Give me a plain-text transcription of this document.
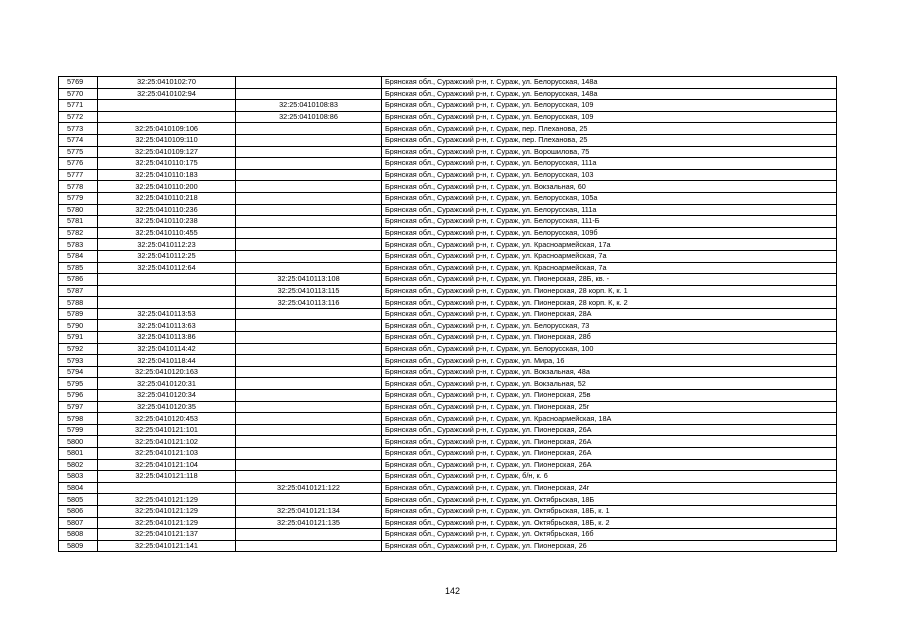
5769	32:25:0410102:70		Брянская обл., Суражский р-н, г. Сураж, ул. Белорусская, 148а
5770	32:25:0410102:94		Брянская обл., Суражский р-н, г. Сураж, ул. Белорусская, 148а
5771		32:25:0410108:83	Брянская обл., Суражский р-н, г. Сураж, ул. Белорусская, 109
5772		32:25:0410108:86	Брянская обл., Суражский р-н, г. Сураж, ул. Белорусская, 109
5773	32:25:0410109:106		Брянская обл., Суражский р-н, г. Сураж, пер. Плеханова, 25
5774	32:25:0410109:110		Брянская обл., Суражский р-н, г. Сураж, пер. Плеханова, 25
5775	32:25:0410109:127		Брянская обл., Суражский р-н, г. Сураж, ул. Ворошилова, 75
5776	32:25:0410110:175		Брянская обл., Суражский р-н, г. Сураж, ул. Белорусская, 111а
5777	32:25:0410110:183		Брянская обл., Суражский р-н, г. Сураж, ул. Белорусская, 103
5778	32:25:0410110:200		Брянская обл., Суражский р-н, г. Сураж, ул. Вокзальная, 60
5779	32:25:0410110:218		Брянская обл., Суражский р-н, г. Сураж, ул. Белорусская, 105а
5780	32:25:0410110:236		Брянская обл., Суражский р-н, г. Сураж, ул. Белорусская, 111а
5781	32:25:0410110:238		Брянская обл., Суражский р-н, г. Сураж, ул. Белорусская, 111-Б
5782	32:25:0410110:455		Брянская обл., Суражский р-н, г. Сураж, ул. Белорусская, 109б
5783	32:25:0410112:23		Брянская обл., Суражский р-н, г. Сураж, ул. Красноармейская, 17а
5784	32:25:0410112:25		Брянская обл., Суражский р-н, г. Сураж, ул. Красноармейская, 7а
5785	32:25:0410112:64		Брянская обл., Суражский р-н, г. Сураж, ул. Красноармейская, 7а
5786		32:25:0410113:108	Брянская обл., Суражский р-н, г. Сураж, ул. Пионерская, 28Б, кв. -
5787		32:25:0410113:115	Брянская обл., Суражский р-н, г. Сураж, ул. Пионерская, 28 корп. К, к. 1
5788		32:25:0410113:116	Брянская обл., Суражский р-н, г. Сураж, ул. Пионерская, 28 корп. К, к. 2
5789	32:25:0410113:53		Брянская обл., Суражский р-н, г. Сураж, ул. Пионерская, 28А
5790	32:25:0410113:63		Брянская обл., Суражский р-н, г. Сураж, ул. Белорусская, 73
5791	32:25:0410113:86		Брянская обл., Суражский р-н, г. Сураж, ул. Пионерская, 28б
5792	32:25:0410114:42		Брянская обл., Суражский р-н, г. Сураж, ул. Белорусская, 100
5793	32:25:0410118:44		Брянская обл., Суражский р-н, г. Сураж, ул. Мира, 16
5794	32:25:0410120:163		Брянская обл., Суражский р-н, г. Сураж, ул. Вокзальная, 48а
5795	32:25:0410120:31		Брянская обл., Суражский р-н, г. Сураж, ул. Вокзальная, 52
5796	32:25:0410120:34		Брянская обл., Суражский р-н, г. Сураж, ул. Пионерская, 25в
5797	32:25:0410120:35		Брянская обл., Суражский р-н, г. Сураж, ул. Пионерская, 25г
5798	32:25:0410120:453		Брянская обл., Суражский р-н, г. Сураж, ул. Красноармейская, 18А
5799	32:25:0410121:101		Брянская обл., Суражский р-н, г. Сураж, ул. Пионерская, 26А
5800	32:25:0410121:102		Брянская обл., Суражский р-н, г. Сураж, ул. Пионерская, 26А
5801	32:25:0410121:103		Брянская обл., Суражский р-н, г. Сураж, ул. Пионерская, 26А
5802	32:25:0410121:104		Брянская обл., Суражский р-н, г. Сураж, ул. Пионерская, 26А
5803	32:25:0410121:118		Брянская обл., Суражский р-н, г. Сураж, б/н, к. 6
5804		32:25:0410121:122	Брянская обл., Суражский р-н, г. Сураж, ул. Пионерская, 24г
5805	32:25:0410121:129		Брянская обл., Суражский р-н, г. Сураж, ул. Октябрьская, 18Б
5806	32:25:0410121:129	32:25:0410121:134	Брянская обл., Суражский р-н, г. Сураж, ул. Октябрьская, 18Б, к. 1
5807	32:25:0410121:129	32:25:0410121:135	Брянская обл., Суражский р-н, г. Сураж, ул. Октябрьская, 18Б, к. 2
5808	32:25:0410121:137		Брянская обл., Суражский р-н, г. Сураж, ул. Октябрьская, 16б
5809	32:25:0410121:141		Брянская обл., Суражский р-н, г. Сураж, ул. Пионерская, 26
142
